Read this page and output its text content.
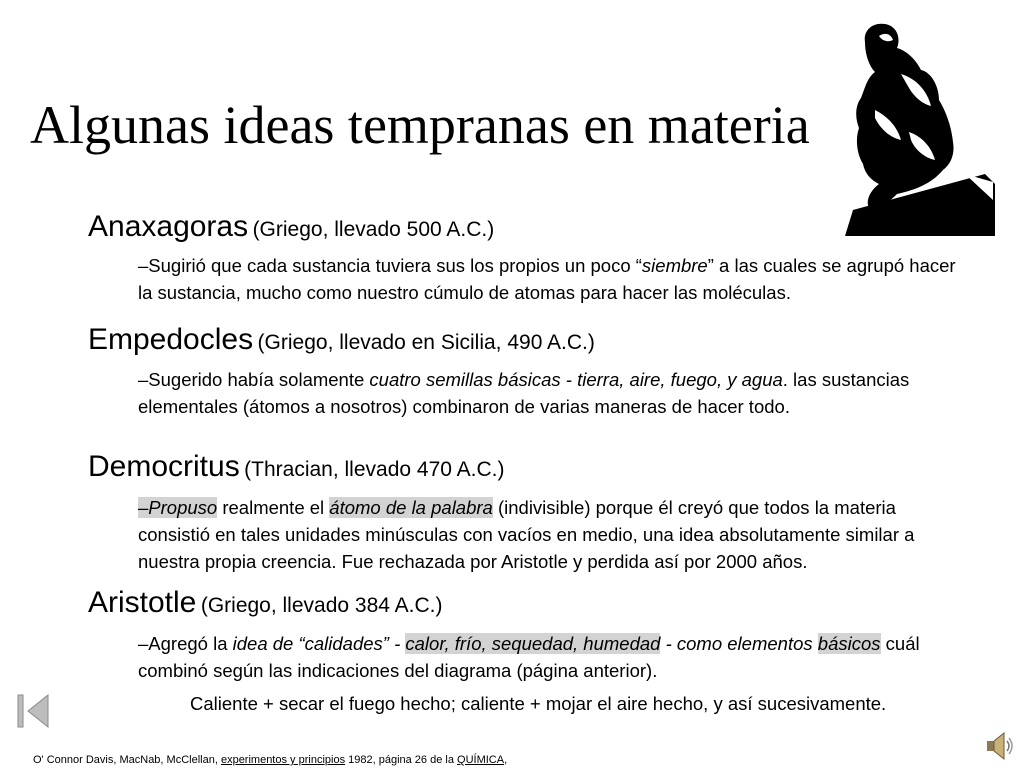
Algunas ideas tempranas en materia
Anaxagoras (Griego, llevado 500 A.C.)
–Sugirió que cada sustancia tuviera sus los propios un poco “siembre” a las cuales se agrupó hacer la sustancia, mucho como nuestro cúmulo de atomas para hacer las moléculas.
Empedocles (Griego, llevado en Sicilia, 490 A.C.)
–Sugerido había solamente cuatro semillas básicas - tierra, aire, fuego, y agua. las sustancias elementales (átomos a nosotros) combinaron de varias maneras de hacer todo.
Democritus (Thracian, llevado 470 A.C.)
–Propuso realmente el átomo de la palabra (indivisible) porque él creyó que todos la materia consistió en tales unidades minúsculas con vacíos en medio, una idea absolutamente similar a nuestra propia creencia. Fue rechazada por Aristotle y perdida así por 2000 años.
Aristotle (Griego, llevado 384 A.C.)
–Agregó la idea de “calidades” - calor, frío, sequedad, humedad - como elementos básicos cuál combinó según las indicaciones del diagrama (página anterior).
Caliente + secar el fuego hecho; caliente + mojar el aire hecho, y así sucesivamente.
O' Connor Davis, MacNab, McClellan, experimentos y principios 1982, página 26 de la QUÍMICA,
